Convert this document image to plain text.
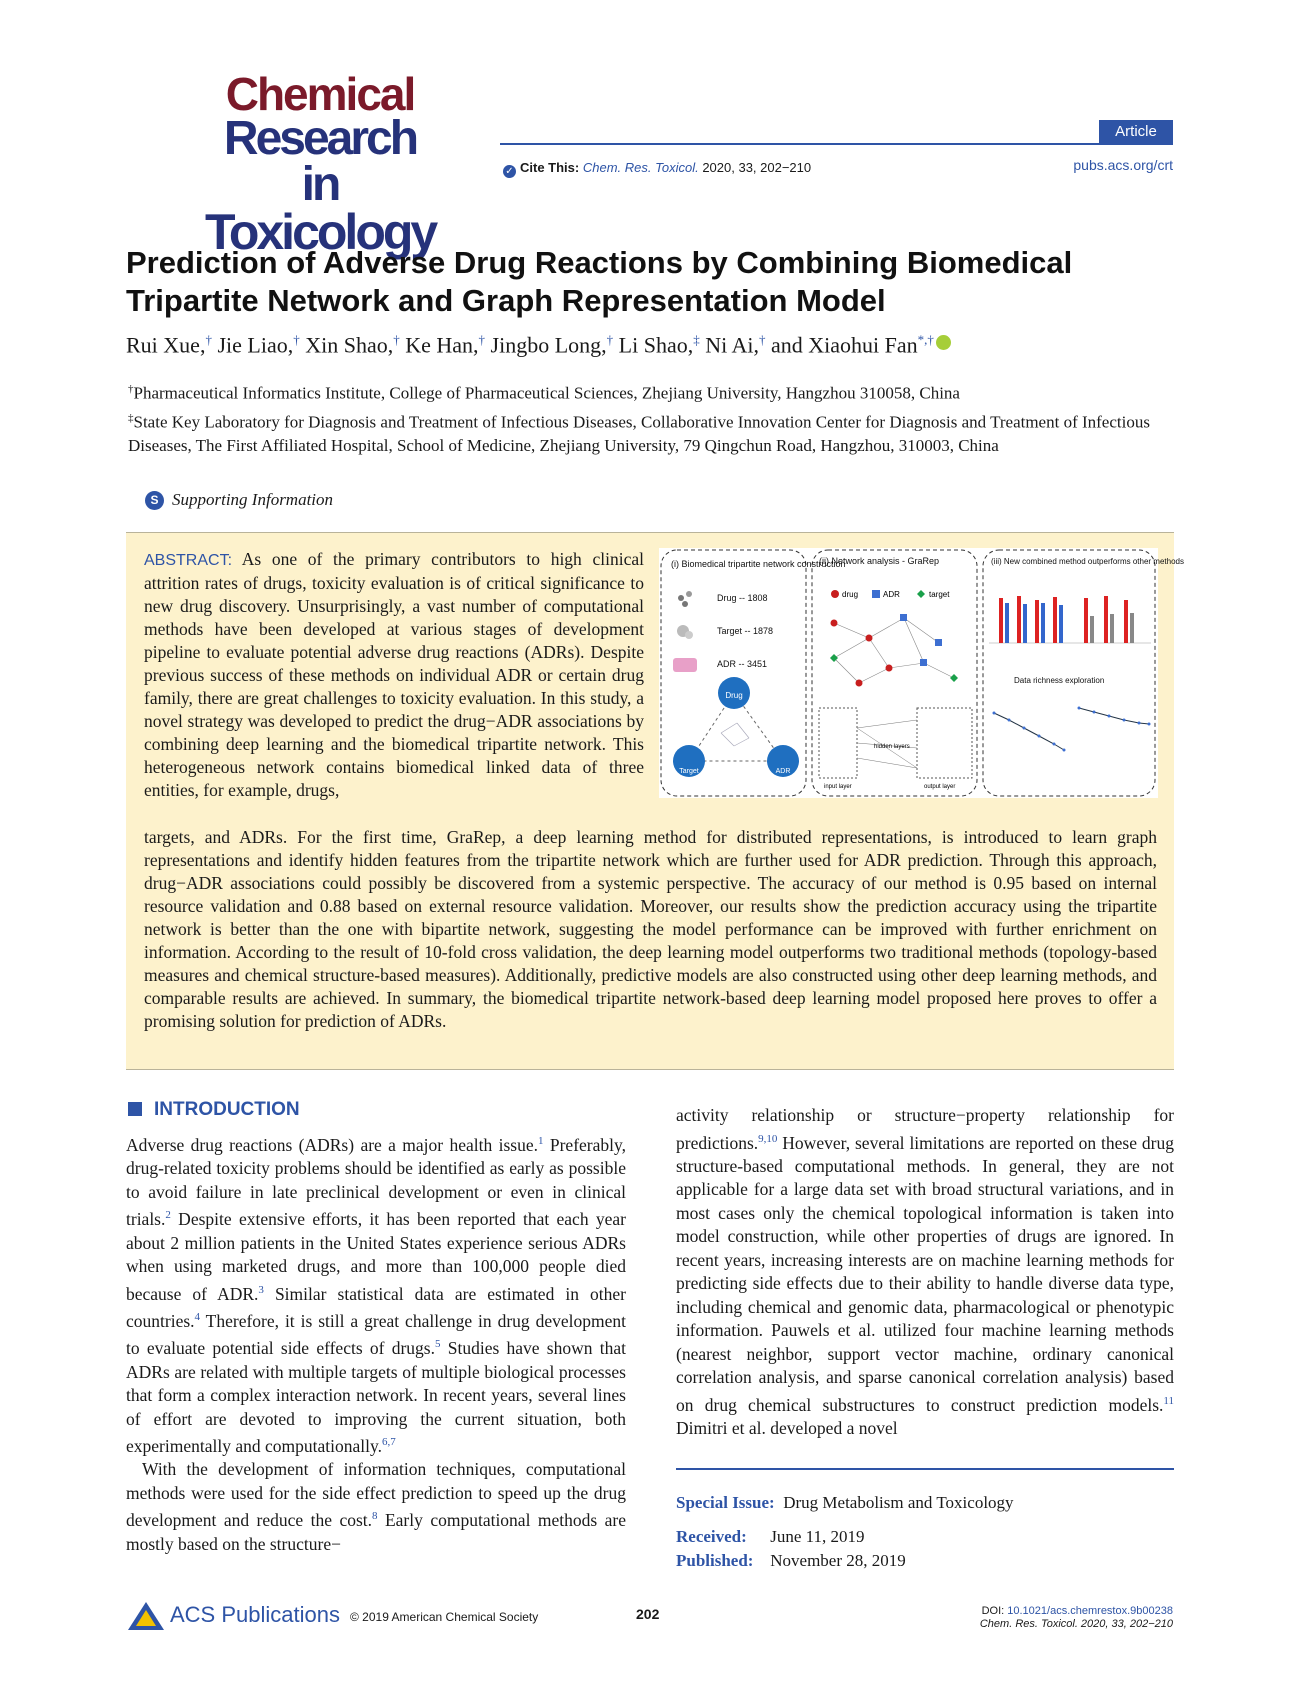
Chemical
Research in
Toxicology
Article
✓ Cite This: Chem. Res. Toxicol. 2020, 33, 202−210	pubs.acs.org/crt
Prediction of Adverse Drug Reactions by Combining Biomedical Tripartite Network and Graph Representation Model
Rui Xue,† Jie Liao,† Xin Shao,† Ke Han,† Jingbo Long,† Li Shao,‡ Ni Ai,† and Xiaohui Fan*,†
†Pharmaceutical Informatics Institute, College of Pharmaceutical Sciences, Zhejiang University, Hangzhou 310058, China
‡State Key Laboratory for Diagnosis and Treatment of Infectious Diseases, Collaborative Innovation Center for Diagnosis and Treatment of Infectious Diseases, The First Affiliated Hospital, School of Medicine, Zhejiang University, 79 Qingchun Road, Hangzhou, 310003, China
S Supporting Information
ABSTRACT: As one of the primary contributors to high clinical attrition rates of drugs, toxicity evaluation is of critical significance to new drug discovery. Unsurprisingly, a vast number of computational methods have been developed at various stages of development pipeline to evaluate potential adverse drug reactions (ADRs). Despite previous success of these methods on individual ADR or certain drug family, there are great challenges to toxicity evaluation. In this study, a novel strategy was developed to predict the drug−ADR associations by combining deep learning and the biomedical tripartite network. This heterogeneous network contains biomedical linked data of three entities, for example, drugs,
targets, and ADRs. For the first time, GraRep, a deep learning method for distributed representations, is introduced to learn graph representations and identify hidden features from the tripartite network which are further used for ADR prediction. Through this approach, drug−ADR associations could possibly be discovered from a systemic perspective. The accuracy of our method is 0.95 based on internal resource validation and 0.88 based on external resource validation. Moreover, our results show the prediction accuracy using the tripartite network is better than the one with bipartite network, suggesting the model performance can be improved with further enrichment on information. According to the result of 10-fold cross validation, the deep learning model outperforms two traditional methods (topology-based measures and chemical structure-based measures). Additionally, predictive models are also constructed using other deep learning methods, and comparable results are achieved. In summary, the biomedical tripartite network-based deep learning model proposed here proves to offer a promising solution for prediction of ADRs.
(i) Biomedical tripartite network construction
Drug -- 1808
Target -- 1878
ADR -- 3451
Drug
Target	ADR
(ii) Network analysis - GraRep
drug	ADR	target
input layer
hidden layers
output layer
(iii) New combined method outperforms other methods
Data richness exploration
INTRODUCTION

Adverse drug reactions (ADRs) are a major health issue.$^1$ Preferably, drug-related toxicity problems should be identified as early as possible to avoid failure in late preclinical development or even in clinical trials.$^2$ Despite extensive efforts, it has been reported that each year about 2 million patients in the United States experience serious ADRs when using marketed drugs, and more than 100,000 people died because of ADR.$^3$ Similar statistical data are estimated in other countries.$^4$ Therefore, it is still a great challenge in drug development to evaluate potential side effects of drugs.$^5$ Studies have shown that ADRs are related with multiple targets of multiple biological processes that form a complex interaction network. In recent years, several lines of effort are devoted to improving the current situation, both experimentally and computationally.$^{6,7}$

With the development of information techniques, computational methods were used for the side effect prediction to speed up the drug development and reduce the cost.$^8$ Early computational methods are mostly based on the structure−

activity relationship or structure−property relationship for predictions.$^{9,10}$ However, several limitations are reported on these drug structure-based computational methods. In general, they are not applicable for a large data set with broad structural variations, and in most cases only the chemical topological information is taken into model construction, while other properties of drugs are ignored. In recent years, increasing interests are on machine learning methods for predicting side effects due to their ability to handle diverse data type, including chemical and genomic data, pharmacological or phenotypic information. Pauwels et al. utilized four machine learning methods (nearest neighbor, support vector machine, ordinary canonical correlation analysis, and sparse canonical correlation analysis) based on drug chemical substructures to construct prediction models.$^{11}$ Dimitri et al. developed a novel

Special Issue: Drug Metabolism and Toxicology
Received: June 11, 2019
Published: November 28, 2019
ACS Publications © 2019 American Chemical Society	202	DOI: 10.1021/acs.chemrestox.9b00238
Chem. Res. Toxicol. 2020, 33, 202−210
